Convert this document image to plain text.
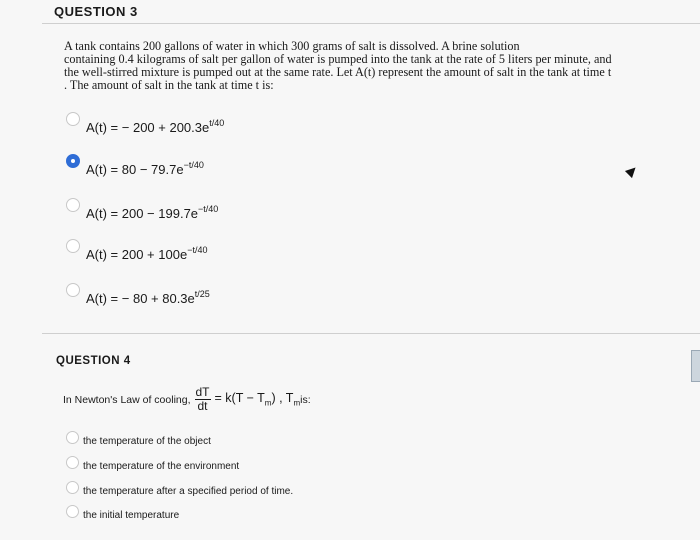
QUESTION 3

A tank contains 200 gallons of water in which 300 grams of salt is dissolved. A brine solution

containing 0.4 kilograms of salt per gallon of water is pumped into the tank at the rate of 5 liters per minute, and

the well-stirred mixture is pumped out at the same rate. Let A(t) represent the amount of salt in the tank at time t

. The amount of salt in the tank at time t is:

A(t) = − $200 + 200.3e^{t/40}$
$A(t) = 80 - 79.7e^{-t/40}$
$A(t) = 200 - 199.7e^{-t/40}$
$A(t) = 200 + 100e^{-t/40}$
A(t) = − $80 + 80.3e^{t/25}$
QUESTION 4
In Newton's Law of cooling, $\frac{dT}{dt} = k(T - T_m)$ , $T_m$ is:
the temperature of the object
the temperature of the environment
the temperature after a specified period of time.
the initial temperature
